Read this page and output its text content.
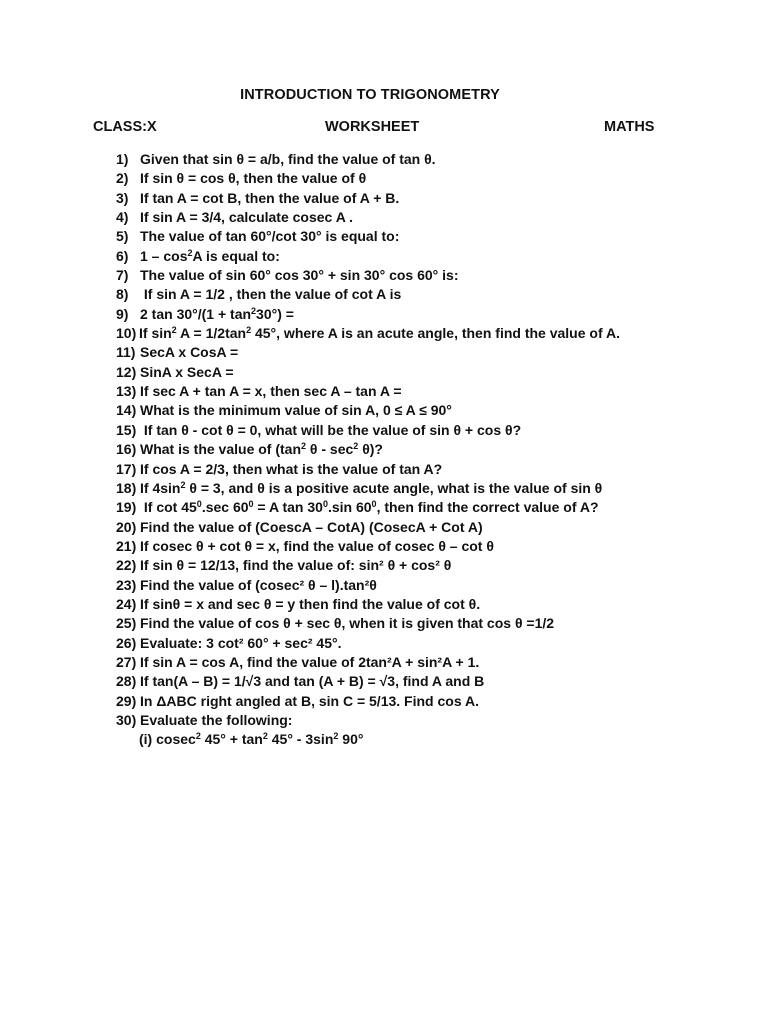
INTRODUCTION TO TRIGONOMETRY
CLASS:X	WORKSHEET	MATHS
1) Given that sin θ = a/b, find the value of tan θ.
2) If sin θ = cos θ, then the value of θ
3) If tan A = cot B, then the value of A + B.
4) If sin A = 3/4, calculate cosec A .
5) The value of tan 60°/cot 30° is equal to:
6) $1 - \cos^2A$ is equal to:
7) The value of sin 60° cos 30° + sin 30° cos 60° is:
8) If sin A = 1/2 , then the value of cot A is
9) 2 $\tan 30^\circ/(1 + \tan^230^\circ)$ =
10) If $\sin^2 A = 1/2\tan^2$ 45°, where A is an acute angle, then find the value of A.
11) SecA x CosA =
12) SinA x SecA =
13) If sec A + tan A = x, then sec A – tan A =
14) What is the minimum value of sin A, 0 ≤ A ≤ 90°
15) If tan θ - cot θ = 0, what will be the value of sin θ + cos θ?
16) What is the value of ($\tan^2$ θ - $\sec^2 \theta$)?
17) If cos A = 2/3, then what is the value of tan A?
18) If $4\sin^2$ θ = 3, and θ is a positive acute angle, what is the value of sin θ
19) If $\cot 45^0.\sec$ $60^0 = A$ $\tan 30^0.\sin$ $60^0$, then find the correct value of A?
20) Find the value of (CoescA – CotA) (CosecA + Cot A)
21) If cosec θ + cot θ = x, find the value of cosec θ – cot θ
22) If sin θ = 12/13, find the value of: sin² θ + cos² θ
23) Find the value of (cosec² θ – l).tan²θ
24) If sinθ = x and sec θ = y then find the value of cot θ.
25) Find the value of cos θ + sec θ, when it is given that cos θ =1/2
26) Evaluate: 3 cot² 60° + sec² 45°.
27) If sin A = cos A, find the value of 2tan²A + sin²A + 1.
28) If tan(A – B) = 1/√3 and tan (A + B) = √3, find A and B
29) In ΔABC right angled at B, sin C = 5/13. Find cos A.
30) Evaluate the following:
(i) cosec$^2$ $45^\circ + \tan^2 45^\circ - 3\sin^2$ 90°
